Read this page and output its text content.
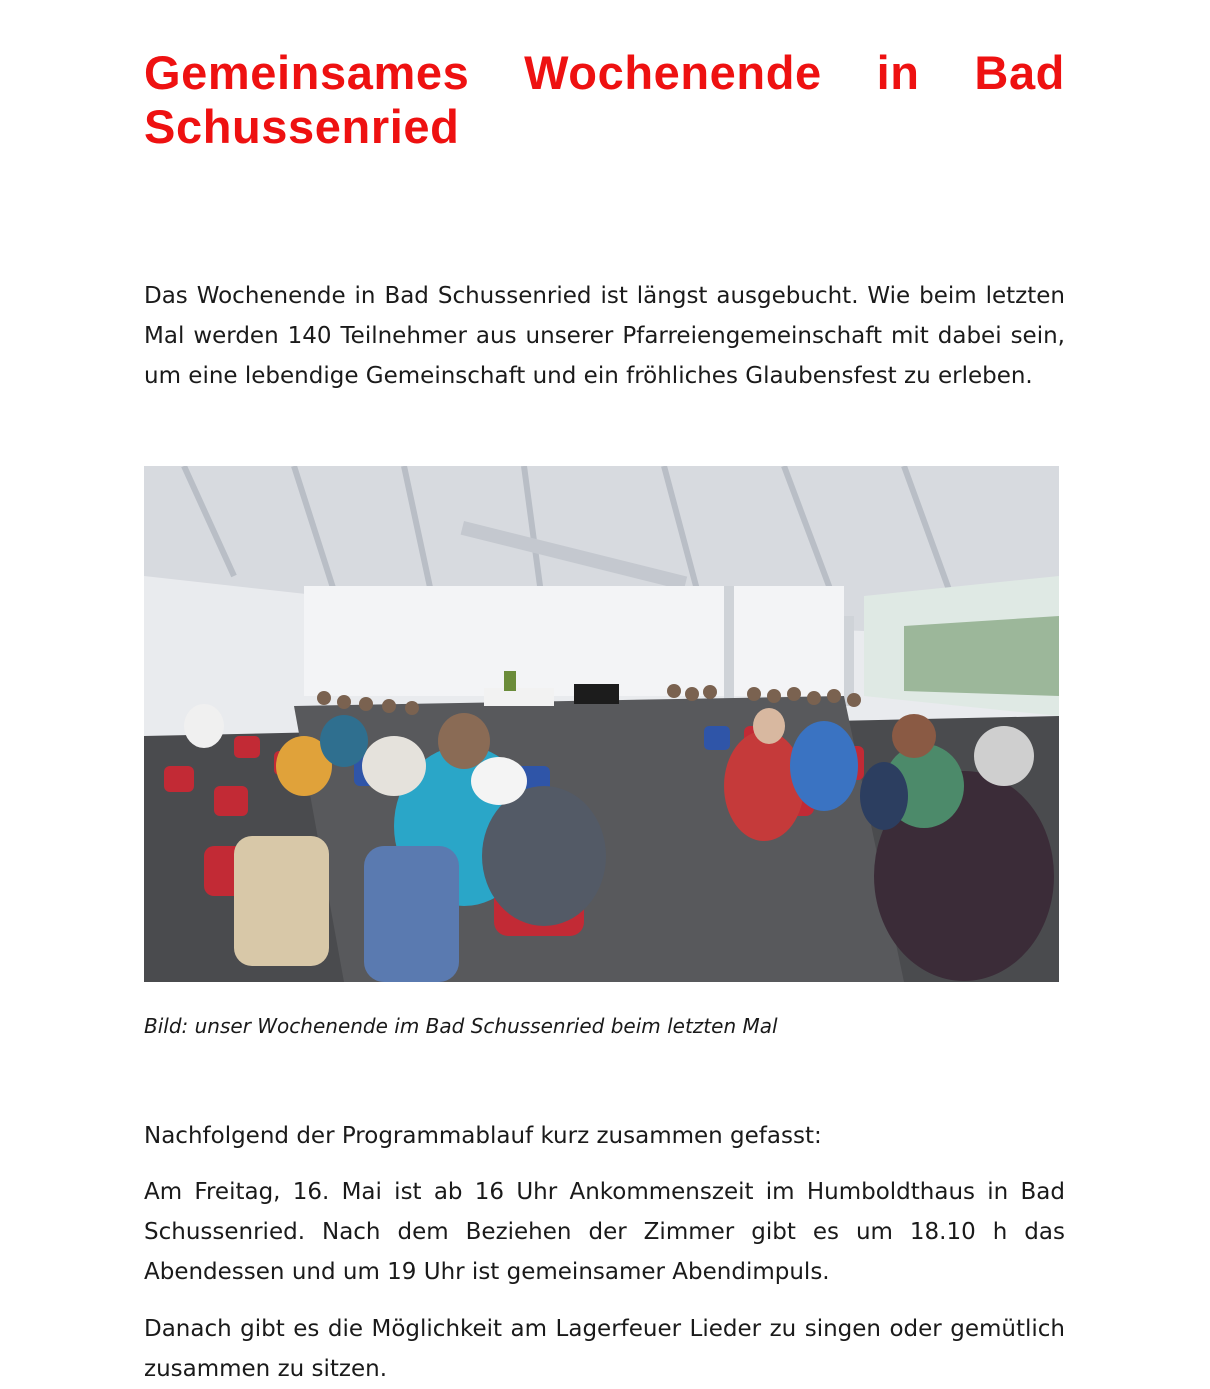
Gemeinsames Wochenende in Bad Schussenried

Das Wochenende in Bad Schussenried ist längst ausgebucht. Wie beim letzten Mal werden 140 Teilnehmer aus unserer Pfarreiengemeinschaft mit dabei sein, um eine lebendige Gemeinschaft und ein fröhliches Glaubensfest zu erleben.

Bild: unser Wochenende im Bad Schussenried beim letzten Mal

Nachfolgend der Programmablauf kurz zusammen gefasst:

Am Freitag, 16. Mai ist ab 16 Uhr Ankommenszeit im Humboldthaus in Bad Schussenried. Nach dem Beziehen der Zimmer gibt es um 18.10 h das Abendessen und um 19 Uhr ist gemeinsamer Abendimpuls.

Danach gibt es die Möglichkeit am Lagerfeuer Lieder zu singen oder gemütlich zusammen zu sitzen.
